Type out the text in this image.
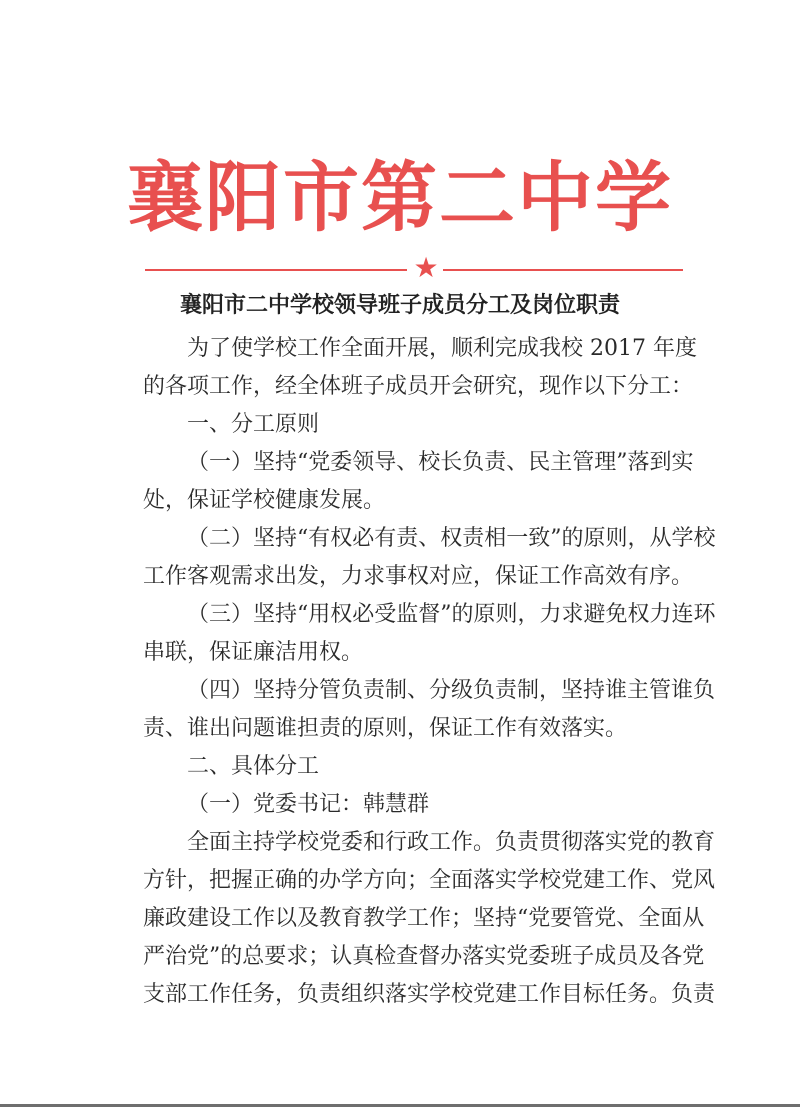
襄阳市第二中学
★
襄阳市二中学校领导班子成员分工及岗位职责

为了使学校工作全面开展，顺利完成我校 2017 年度的各项工作，经全体班子成员开会研究，现作以下分工：

一、分工原则

（一）坚持“党委领导、校长负责、民主管理”落到实处，保证学校健康发展。

（二）坚持“有权必有责、权责相一致”的原则，从学校工作客观需求出发，力求事权对应，保证工作高效有序。

（三）坚持“用权必受监督”的原则，力求避免权力连环串联，保证廉洁用权。

（四）坚持分管负责制、分级负责制，坚持谁主管谁负责、谁出问题谁担责的原则，保证工作有效落实。

二、具体分工

（一）党委书记：韩慧群

全面主持学校党委和行政工作。负责贯彻落实党的教育方针，把握正确的办学方向；全面落实学校党建工作、党风廉政建设工作以及教育教学工作；坚持“党要管党、全面从严治党”的总要求；认真检查督办落实党委班子成员及各党支部工作任务，负责组织落实学校党建工作目标任务。负责
